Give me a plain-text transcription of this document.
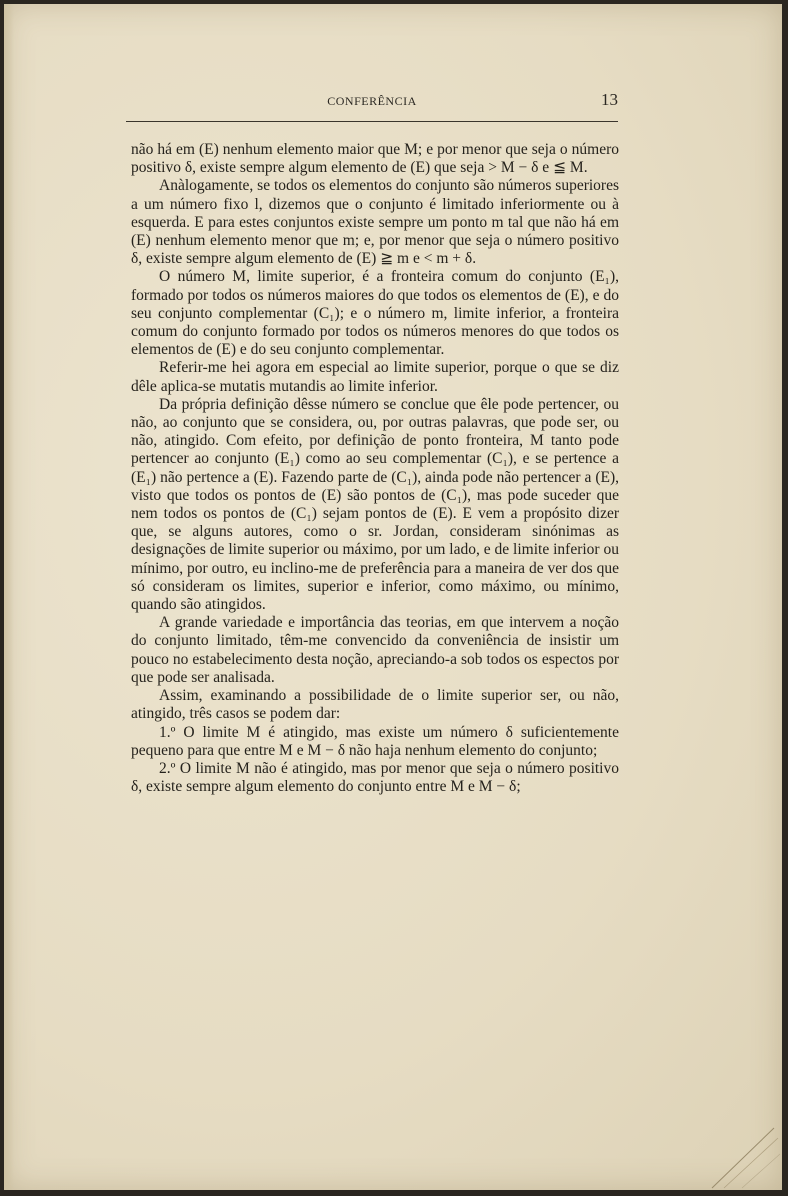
CONFERÊNCIA	13

não há em (E) nenhum elemento maior que M; e por menor que seja o número positivo δ, existe sempre algum elemento de (E) que seja > M − δ e ≦ M.

Anàlogamente, se todos os elementos do conjunto são números superiores a um número fixo l, dizemos que o conjunto é limitado inferiormente ou à esquerda. E para estes conjuntos existe sempre um ponto m tal que não há em (E) nenhum elemento menor que m; e, por menor que seja o número positivo δ, existe sempre algum elemento de (E) ≧ m e < m + δ.

O número M, limite superior, é a fronteira comum do conjunto (E₁), formado por todos os números maiores do que todos os elementos de (E), e do seu conjunto complementar (C₁); e o número m, limite inferior, a fronteira comum do conjunto formado por todos os números menores do que todos os elementos de (E) e do seu conjunto complementar.

Referir-me hei agora em especial ao limite superior, porque o que se diz dêle aplica-se mutatis mutandis ao limite inferior.

Da própria definição dêsse número se conclue que êle pode pertencer, ou não, ao conjunto que se considera, ou, por outras palavras, que pode ser, ou não, atingido. Com efeito, por definição de ponto fronteira, M tanto pode pertencer ao conjunto (E₁) como ao seu complementar (C₁), e se pertence a (E₁) não pertence a (E). Fazendo parte de (C₁), ainda pode não pertencer a (E), visto que todos os pontos de (E) são pontos de (C₁), mas pode suceder que nem todos os pontos de (C₁) sejam pontos de (E). E vem a propósito dizer que, se alguns autores, como o sr. Jordan, consideram sinónimas as designações de limite superior ou máximo, por um lado, e de limite inferior ou mínimo, por outro, eu inclino-me de preferência para a maneira de ver dos que só consideram os limites, superior e inferior, como máximo, ou mínimo, quando são atingidos.

A grande variedade e importância das teorias, em que intervem a noção do conjunto limitado, têm-me convencido da conveniência de insistir um pouco no estabelecimento desta noção, apreciando-a sob todos os espectos por que pode ser analisada.

Assim, examinando a possibilidade de o limite superior ser, ou não, atingido, três casos se podem dar:

1.º O limite M é atingido, mas existe um número δ suficientemente pequeno para que entre M e M − δ não haja nenhum elemento do conjunto;

2.º O limite M não é atingido, mas por menor que seja o número positivo δ, existe sempre algum elemento do conjunto entre M e M − δ;
